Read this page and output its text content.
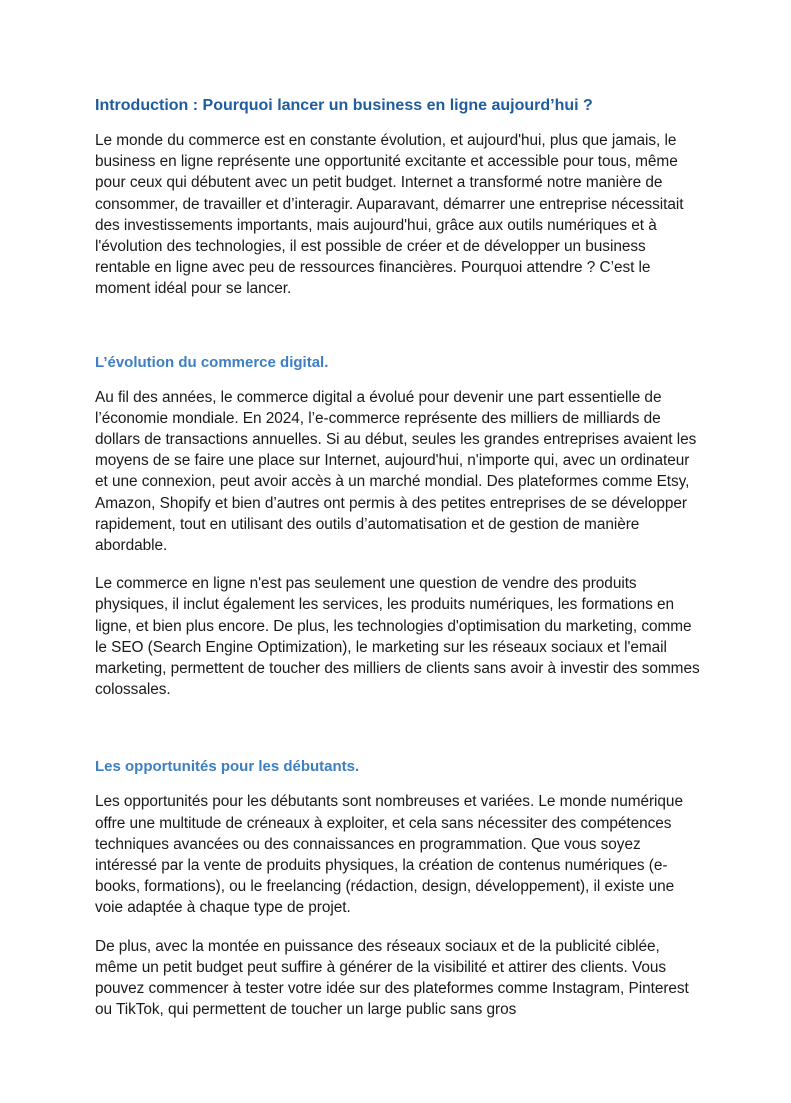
Introduction : Pourquoi lancer un business en ligne aujourd’hui ?

Le monde du commerce est en constante évolution, et aujourd'hui, plus que jamais, le business en ligne représente une opportunité excitante et accessible pour tous, même pour ceux qui débutent avec un petit budget. Internet a transformé notre manière de consommer, de travailler et d’interagir. Auparavant, démarrer une entreprise nécessitait des investissements importants, mais aujourd'hui, grâce aux outils numériques et à l'évolution des technologies, il est possible de créer et de développer un business rentable en ligne avec peu de ressources financières. Pourquoi attendre ? C’est le moment idéal pour se lancer.

L’évolution du commerce digital.

Au fil des années, le commerce digital a évolué pour devenir une part essentielle de l’économie mondiale. En 2024, l’e-commerce représente des milliers de milliards de dollars de transactions annuelles. Si au début, seules les grandes entreprises avaient les moyens de se faire une place sur Internet, aujourd'hui, n'importe qui, avec un ordinateur et une connexion, peut avoir accès à un marché mondial. Des plateformes comme Etsy, Amazon, Shopify et bien d’autres ont permis à des petites entreprises de se développer rapidement, tout en utilisant des outils d’automatisation et de gestion de manière abordable.

Le commerce en ligne n'est pas seulement une question de vendre des produits physiques, il inclut également les services, les produits numériques, les formations en ligne, et bien plus encore. De plus, les technologies d'optimisation du marketing, comme le SEO (Search Engine Optimization), le marketing sur les réseaux sociaux et l'email marketing, permettent de toucher des milliers de clients sans avoir à investir des sommes colossales.

Les opportunités pour les débutants.

Les opportunités pour les débutants sont nombreuses et variées. Le monde numérique offre une multitude de créneaux à exploiter, et cela sans nécessiter des compétences techniques avancées ou des connaissances en programmation. Que vous soyez intéressé par la vente de produits physiques, la création de contenus numériques (e-books, formations), ou le freelancing (rédaction, design, développement), il existe une voie adaptée à chaque type de projet.

De plus, avec la montée en puissance des réseaux sociaux et de la publicité ciblée, même un petit budget peut suffire à générer de la visibilité et attirer des clients. Vous pouvez commencer à tester votre idée sur des plateformes comme Instagram, Pinterest ou TikTok, qui permettent de toucher un large public sans gros
